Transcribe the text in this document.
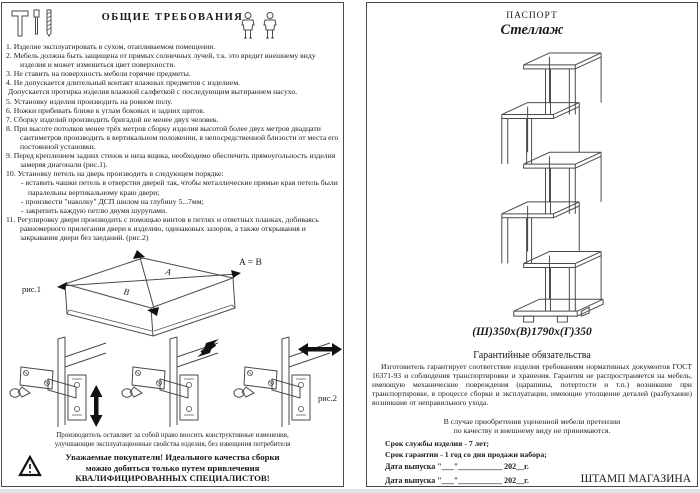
ОБЩИЕ ТРЕБОВАНИЯ
1. Изделие эксплуатировать в сухом, отапливаемом помещении.
2. Мебель должна быть защищена от прямых солнечных лучей, т.к. это вредит внешнему виду изделия и может измениться цвет поверхности.
3. Не ставить на поверхность мебели горячие предметы.
4. Не допускается длительный контакт влажных предметов с изделием.
Допускается протирка изделия влажной салфеткой с последующим вытиранием насухо.
5. Установку изделия производить на ровном полу.
6. Ножки прибивать ближе к углам боковых и задних щитов.
7. Сборку изделий производить бригадой не менее двух человек.
8. При высоте потолков менее трёх метров сборку изделия высотой более двух метров двадцати сантиметров производить в вертикальном положении, в непосредственной близости от места его постоянной установки.
9. Перед креплением задних стенок и низа ящика, необходимо обеспечить прямоугольность изделия замеряя диагонали (рис.1).
10. Установку петель на дверь производить в следующем порядке:
- вставить чашки петель в отверстия дверей так, чтобы металлические прямые края петель были паралельны вертикальному краю двери;
- произвести "наколку" ДСП шилом на глубину 5...7мм;
- закрепить каждую петлю двумя шурупами.
11. Регулировку двери производить с помощью винтов в петлях и ответных планках, добиваясь равномерного прилегания двери к изделию, одинаковых зазоров, а также открывания и закрывания двери без заеданий. (рис.2)
рис.1
A = B
А
В
рис.2
Производитель оставляет за собой право вносить конструктивные изменения,
улучшающие эксплуатационные свойства изделия, без извещения потребителя
Уважаемые покупатели! Идеального качества сборки
можно добиться только путем привлечения
КВАЛИФИЦИРОВАННЫХ СПЕЦИАЛИСТОВ!
ПАСПОРТ
Стеллаж
(Ш)350х(В)1790х(Г)350
Гарантийные обязательства
Изготовитель гарантирует соответствие изделия требованиям нормативных документов ГОСТ 16371-93 и соблюдения транспортировки и хранения. Гарантия не распространяется на мебель, имеющую механические повреждения (царапины, потертости и т.п.) возникшие при транспортировке, в процессе сборки и эксплуатации, имеющие утолщение деталей (разбухание) возникшие от неправильного ухода.
В случае приобретения уцененной мебели претензии
по качеству и внешнему виду не принимаются.
Срок службы изделия - 7 лет;
Срок гарантии - 1 год со дня продажи набора;
Дата выпуска "___"___________ 202__г.
Дата выпуска "___"___________ 202__г.	ШТАМП МАГАЗИНА
